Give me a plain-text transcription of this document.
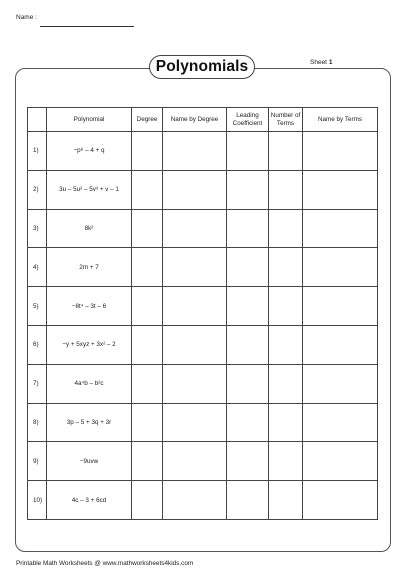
Name :
Polynomials	Sheet 1
	Polynomial	Degree	Name by Degree	Leading Coefficient	Number of Terms	Name by Terms
1)	−p⁸ – 4 + q					
2)	3u – 5u² – 5v³ + v – 1					
3)	8k²					
4)	2m + 7					
5)	−8t⁴ – 3t – 6					
6)	−y + 5xyz + 3x² – 2					
7)	4a⁴b – b²c					
8)	3p – 5 + 3q + 3r					
9)	−9uvw					
10)	4c – 3 + 6cd					
Printable Math Worksheets @ www.mathworksheets4kids.com
